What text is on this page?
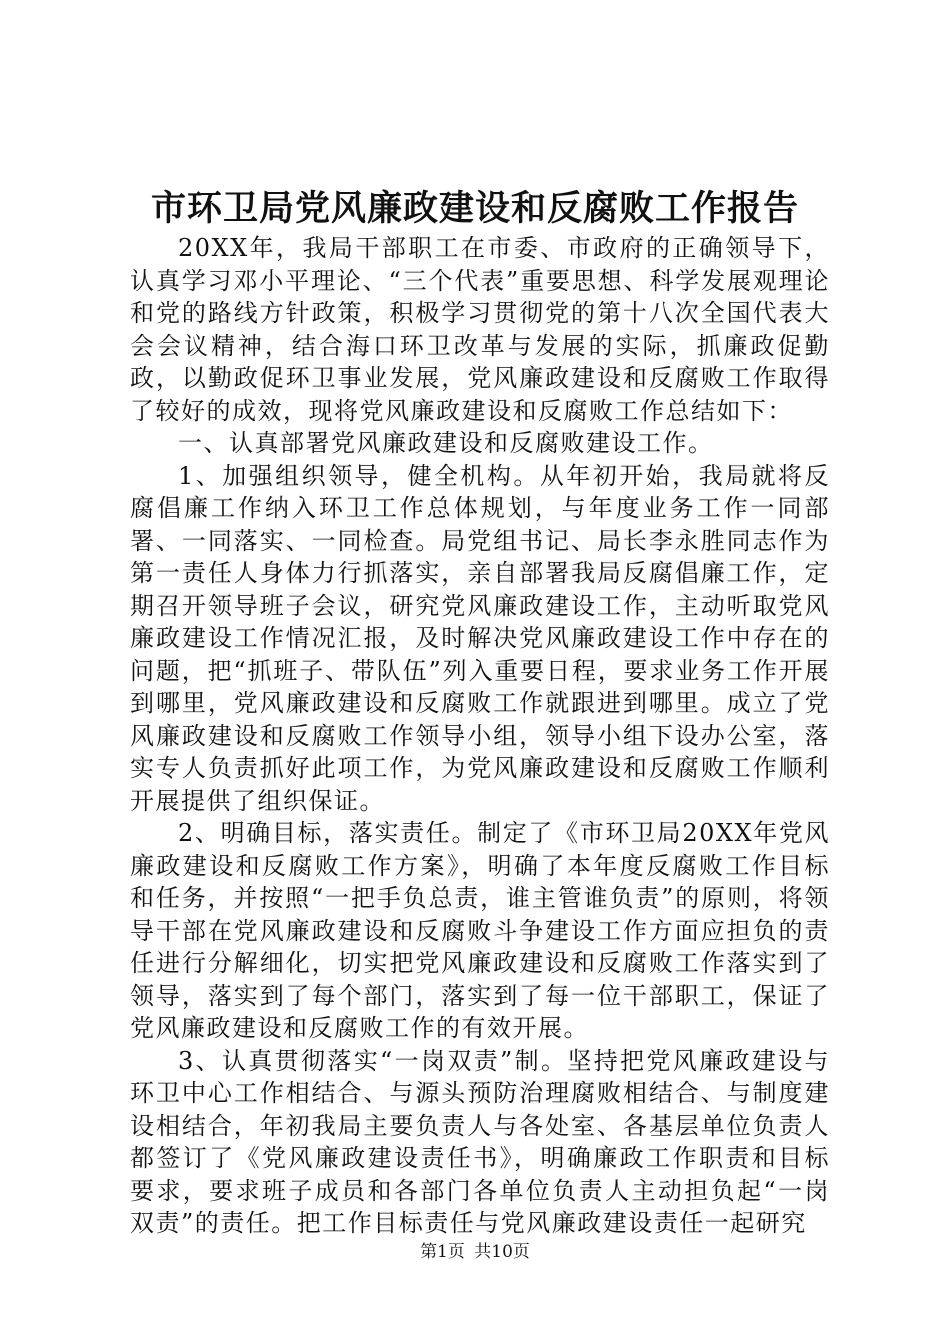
市环卫局党风廉政建设和反腐败工作报告

20XX年，我局干部职工在市委、市政府的正确领导下，认真学习邓小平理论、“三个代表”重要思想、科学发展观理论和党的路线方针政策，积极学习贯彻党的第十八次全国代表大会会议精神，结合海口环卫改革与发展的实际，抓廉政促勤政，以勤政促环卫事业发展，党风廉政建设和反腐败工作取得了较好的成效，现将党风廉政建设和反腐败工作总结如下：

一、认真部署党风廉政建设和反腐败建设工作。

1、加强组织领导，健全机构。从年初开始，我局就将反腐倡廉工作纳入环卫工作总体规划，与年度业务工作一同部署、一同落实、一同检查。局党组书记、局长李永胜同志作为第一责任人身体力行抓落实，亲自部署我局反腐倡廉工作，定期召开领导班子会议，研究党风廉政建设工作，主动听取党风廉政建设工作情况汇报，及时解决党风廉政建设工作中存在的问题，把“抓班子、带队伍”列入重要日程，要求业务工作开展到哪里，党风廉政建设和反腐败工作就跟进到哪里。成立了党风廉政建设和反腐败工作领导小组，领导小组下设办公室，落实专人负责抓好此项工作，为党风廉政建设和反腐败工作顺利开展提供了组织保证。

2、明确目标，落实责任。制定了《市环卫局20XX年党风廉政建设和反腐败工作方案》，明确了本年度反腐败工作目标和任务，并按照“一把手负总责，谁主管谁负责”的原则，将领导干部在党风廉政建设和反腐败斗争建设工作方面应担负的责任进行分解细化，切实把党风廉政建设和反腐败工作落实到了领导，落实到了每个部门，落实到了每一位干部职工，保证了党风廉政建设和反腐败工作的有效开展。

3、认真贯彻落实“一岗双责”制。坚持把党风廉政建设与环卫中心工作相结合、与源头预防治理腐败相结合、与制度建设相结合，年初我局主要负责人与各处室、各基层单位负责人都签订了《党风廉政建设责任书》，明确廉政工作职责和目标要求，要求班子成员和各部门各单位负责人主动担负起“一岗双责”的责任。把工作目标责任与党风廉政建设责任一起研究

第1页 共10页
